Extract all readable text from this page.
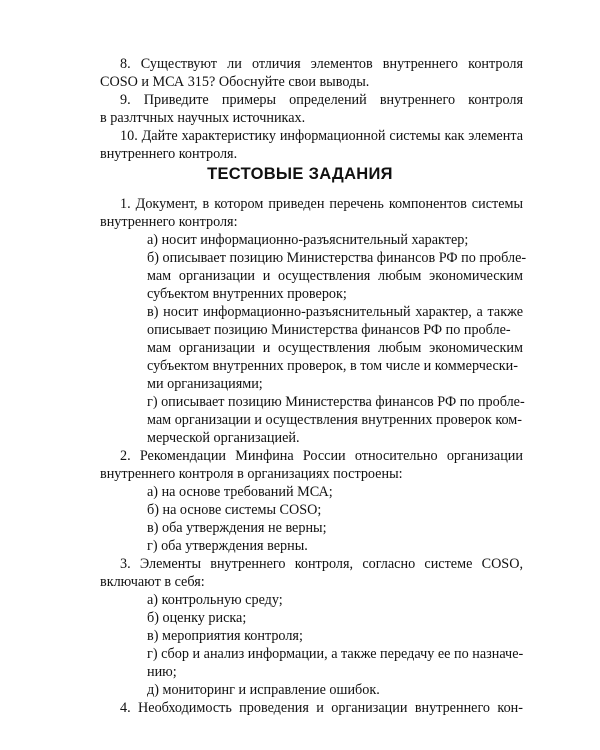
8. Существуют ли отличия элементов внутреннего контроля
COSO и МСА 315? Обоснуйте свои выводы.
9. Приведите примеры определений внутреннего контроля
в разлтчных научных источниках.
10. Дайте характеристику информационной системы как элемента
внутреннего контроля.
ТЕСТОВЫЕ ЗАДАНИЯ
1. Документ, в котором приведен перечень компонентов системы
внутреннего контроля:
а) носит информационно-разъяснительный характер;
б) описывает позицию Министерства финансов РФ по пробле-
мам организации и осуществления любым экономическим
субъектом внутренних проверок;
в) носит информационно-разъяснительный характер, а также
описывает позицию Министерства финансов РФ по пробле-
мам организации и осуществления любым экономическим
субъектом внутренних проверок, в том числе и коммерчески-
ми организациями;
г) описывает позицию Министерства финансов РФ по пробле-
мам организации и осуществления внутренних проверок ком-
мерческой организацией.
2. Рекомендации Минфина России относительно организации
внутреннего контроля в организациях построены:
а) на основе требований МСА;
б) на основе системы COSO;
в) оба утверждения не верны;
г) оба утверждения верны.
3. Элементы внутреннего контроля, согласно системе COSO,
включают в себя:
а) контрольную среду;
б) оценку риска;
в) мероприятия контроля;
г) сбор и анализ информации, а также передачу ее по назначе-
нию;
д) мониторинг и исправление ошибок.
4. Необходимость проведения и организации внутреннего кон-
